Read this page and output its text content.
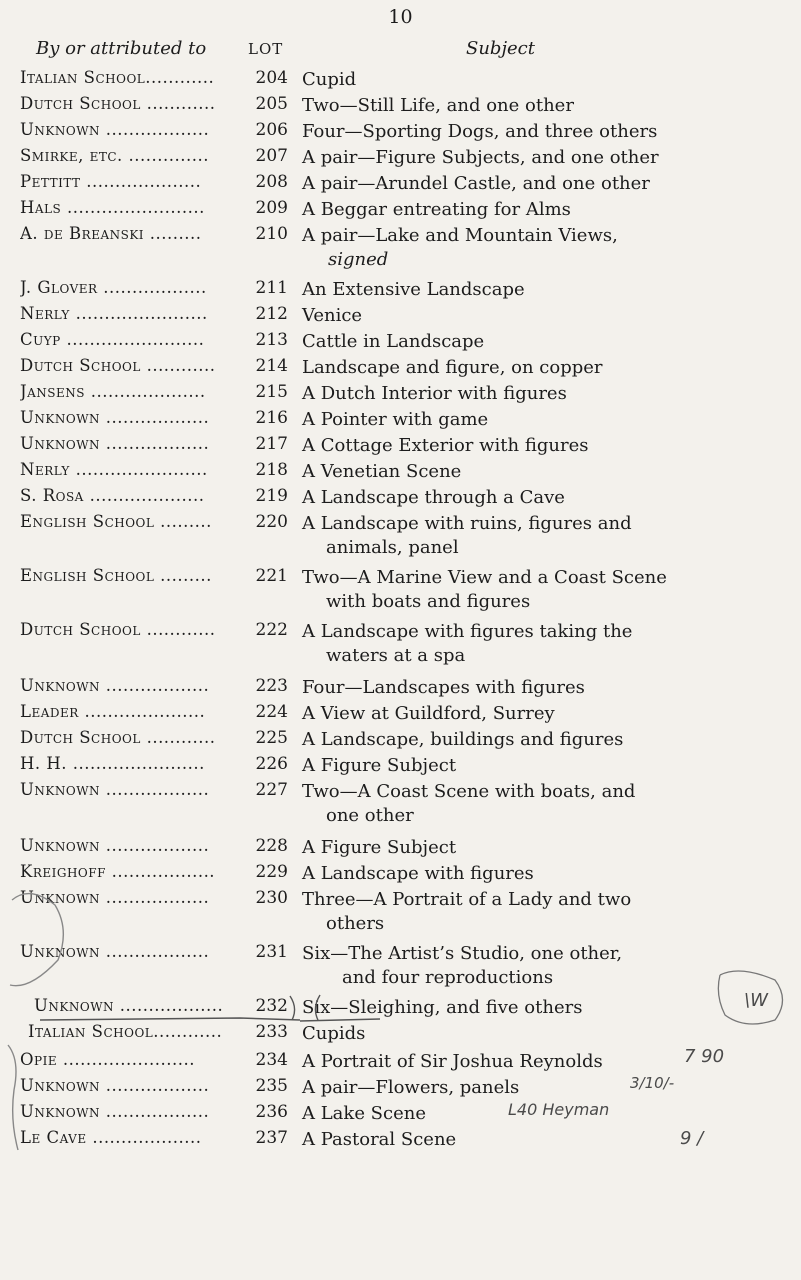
10
By or attributed to	LOT	Subject
Italian School............	204 Cupid
Dutch School ............	205 Two—Still Life, and one other
Unknown ..................	206 Four—Sporting Dogs, and three others
Smirke, etc. ..............	207 A pair—Figure Subjects, and one other
Pettitt ....................	208 A pair—Arundel Castle, and one other
Hals ........................	209 A Beggar entreating for Alms
A. de Breanski .........	210 A pair—Lake and Mountain Views,
signed
J. Glover ..................	211 An Extensive Landscape
Nerly .......................	212 Venice
Cuyp ........................	213 Cattle in Landscape
Dutch School ............	214 Landscape and figure, on copper
Jansens ....................	215 A Dutch Interior with figures
Unknown ..................	216 A Pointer with game
Unknown ..................	217 A Cottage Exterior with figures
Nerly .......................	218 A Venetian Scene
S. Rosa ....................	219 A Landscape through a Cave
English School .........	220 A Landscape with ruins, figures and
animals, panel
English School .........	221 Two—A Marine View and a Coast Scene
with boats and figures
Dutch School ............	222 A Landscape with figures taking the
waters at a spa
Unknown ..................	223 Four—Landscapes with figures
Leader .....................	224 A View at Guildford, Surrey
Dutch School ............	225 A Landscape, buildings and figures
H. H. .......................	226 A Figure Subject
Unknown ..................	227 Two—A Coast Scene with boats, and
one other
Unknown ..................	228 A Figure Subject
Kreighoff ..................	229 A Landscape with figures
Unknown ..................	230 Three—A Portrait of a Lady and two
others
Unknown ..................	231 Six—The Artist’s Studio, one other,
and four reproductions
Unknown ..................	232 Six—Sleighing, and five others
Italian School............	233 Cupids
Opie .......................	234 A Portrait of Sir Joshua Reynolds
Unknown ..................	235 A pair—Flowers, panels
Unknown ..................	236 A Lake Scene
Le Cave ...................	237 A Pastoral Scene
\W
7 90
3/10/-
L40 Heyman
9 /
